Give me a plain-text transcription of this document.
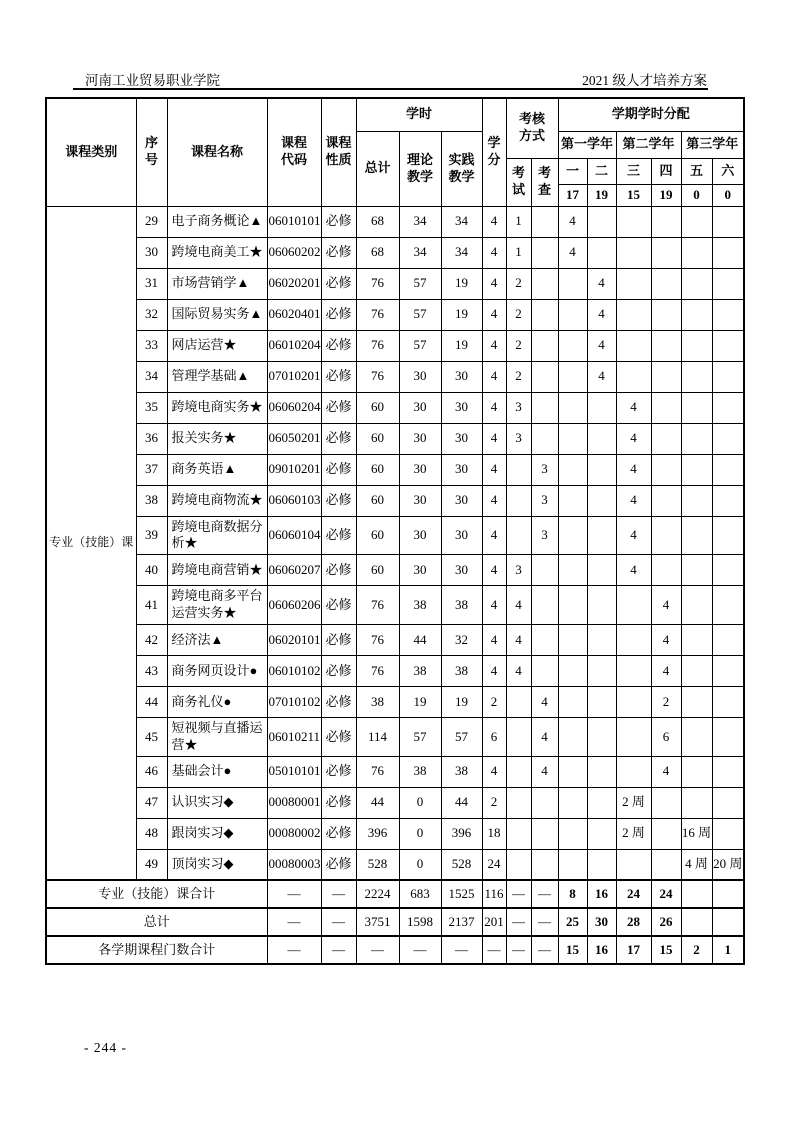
河南工业贸易职业学院	2021 级人才培养方案
课程类别	序号	课程名称	课程代码	课程性质	学时			学分	考核方式		学期学时分配					
					总计	理论教学	实践教学				第一学年		第二学年		第三学年	

									考试	考查	一	二	三	四	五	六
											17	19	15	19	0	0
专业（技能）课	29	电子商务概论▲	06010101	必修	68	34	34	4	1		4					
	30	跨境电商美工★	06060202	必修	68	34	34	4	1		4					
	31	市场营销学▲	06020201	必修	76	57	19	4	2			4				
	32	国际贸易实务▲	06020401	必修	76	57	19	4	2			4				
	33	网店运营★	06010204	必修	76	57	19	4	2			4				
	34	管理学基础▲	07010201	必修	76	30	30	4	2			4				
	35	跨境电商实务★	06060204	必修	60	30	30	4	3				4			
	36	报关实务★	06050201	必修	60	30	30	4	3				4			
	37	商务英语▲	09010201	必修	60	30	30	4		3			4			
	38	跨境电商物流★	06060103	必修	60	30	30	4		3			4			
	39	跨境电商数据分析★	06060104	必修	60	30	30	4		3			4			
	40	跨境电商营销★	06060207	必修	60	30	30	4	3				4			
	41	跨境电商多平台运营实务★	06060206	必修	76	38	38	4	4					4		
	42	经济法▲	06020101	必修	76	44	32	4	4					4		
	43	商务网页设计●	06010102	必修	76	38	38	4	4					4		
	44	商务礼仪●	07010102	必修	38	19	19	2		4				2		
	45	短视频与直播运营★	06010211	必修	114	57	57	6		4				6		
	46	基础会计●	05010101	必修	76	38	38	4		4				4		
	47	认识实习◆	00080001	必修	44	0	44	2					2 周			
	48	跟岗实习◆	00080002	必修	396	0	396	18					2 周		16 周	
	49	顶岗实习◆	00080003	必修	528	0	528	24							4 周	20 周
专业（技能）课合计			—	—	2224	683	1525	116	—	—	8	16	24	24		
总计			—	—	3751	1598	2137	201	—	—	25	30	28	26		
各学期课程门数合计			—	—	—	—	—	—	—	—	15	16	17	15	2	1
- 244 -
